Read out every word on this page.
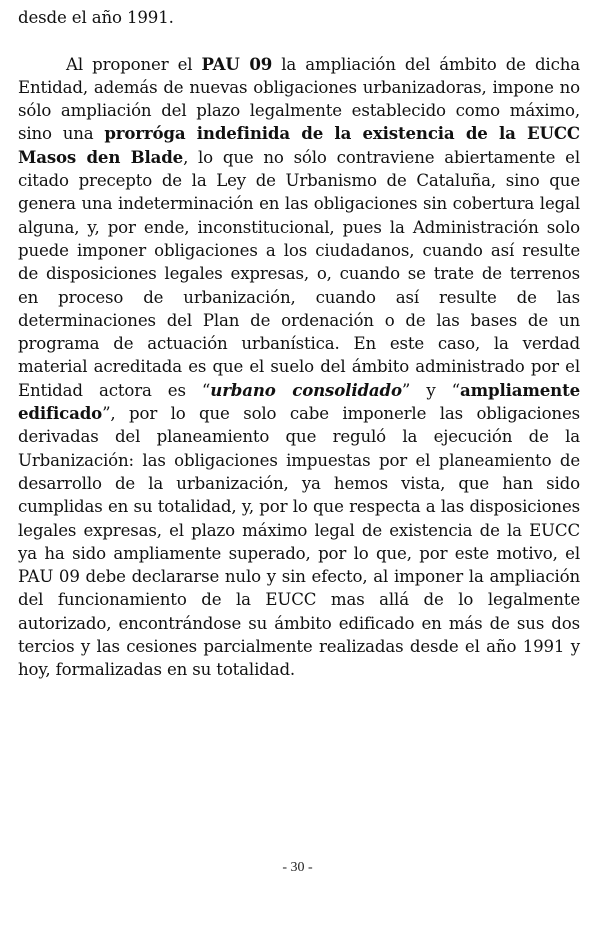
desde el año 1991.

Al proponer el PAU 09 la ampliación del ámbito de dicha Entidad, además de nuevas obligaciones urbanizadoras, impone no sólo ampliación del plazo legalmente establecido como máximo, sino una prorróga indefinida de la existencia de la EUCC Masos den Blade, lo que no sólo contraviene abiertamente el citado precepto de la Ley de Urbanismo de Cataluña, sino que genera una indeterminación en las obligaciones sin cobertura legal alguna, y, por ende, inconstitucional, pues la Administración solo puede imponer obligaciones a los ciudadanos, cuando así resulte de disposiciones legales expresas, o, cuando se trate de terrenos en proceso de urbanización, cuando así resulte de las determinaciones del Plan de ordenación o de las bases de un programa de actuación urbanística. En este caso, la verdad material acreditada es que el suelo del ámbito administrado por el Entidad actora es “urbano consolidado” y “ampliamente edificado”, por lo que solo cabe imponerle las obligaciones derivadas del planeamiento que reguló la ejecución de la Urbanización: las obligaciones impuestas por el planeamiento de desarrollo de la urbanización, ya hemos vista, que han sido cumplidas en su totalidad, y, por lo que respecta a las disposiciones legales expresas, el plazo máximo legal de existencia de la EUCC ya ha sido ampliamente superado, por lo que, por este motivo, el PAU 09 debe declararse nulo y sin efecto, al imponer la ampliación del funcionamiento de la EUCC mas allá de lo legalmente autorizado, encontrándose su ámbito edificado en más de sus dos tercios y las cesiones parcialmente realizadas desde el año 1991 y hoy, formalizadas en su totalidad.

- 30 -
